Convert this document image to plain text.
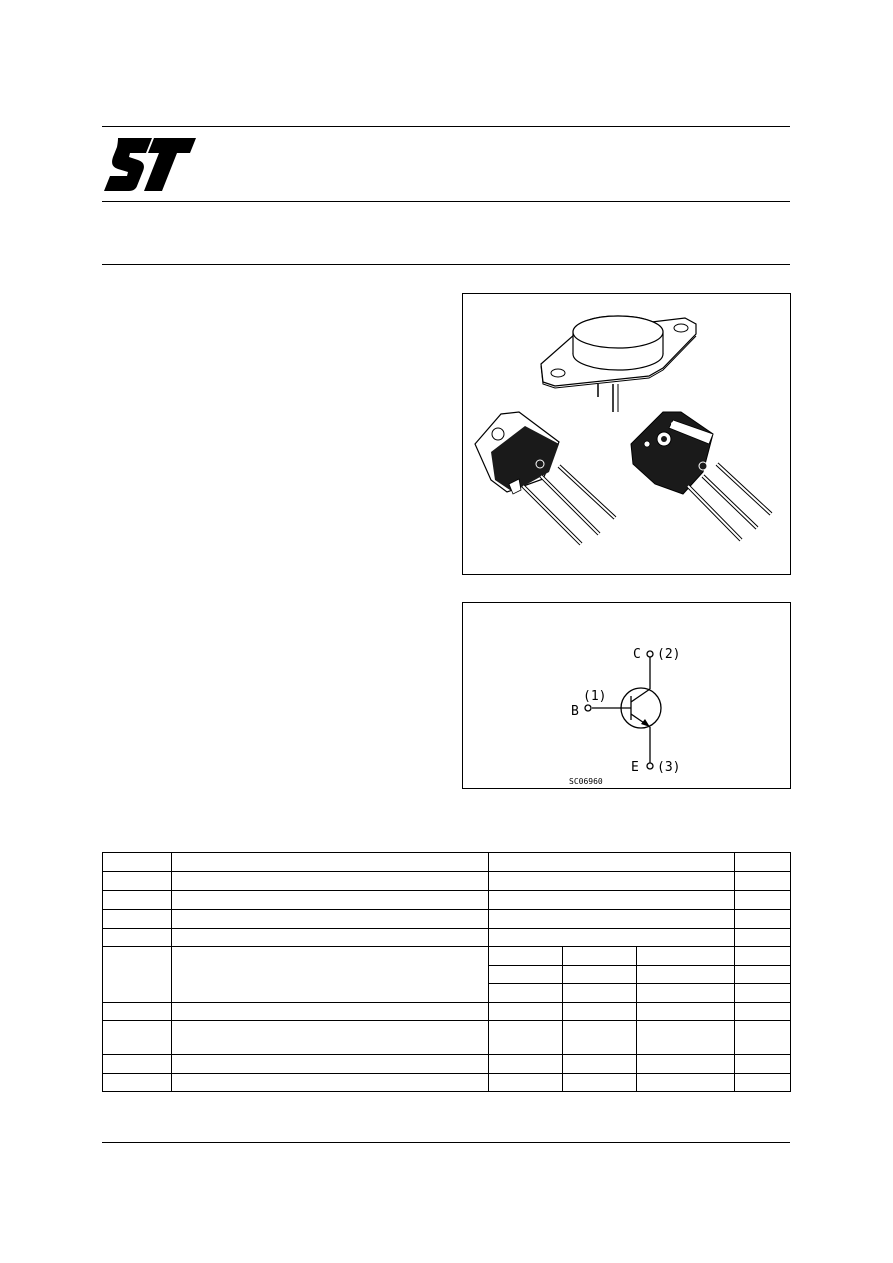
C (2)
(1)
B
E (3)
SC06960
